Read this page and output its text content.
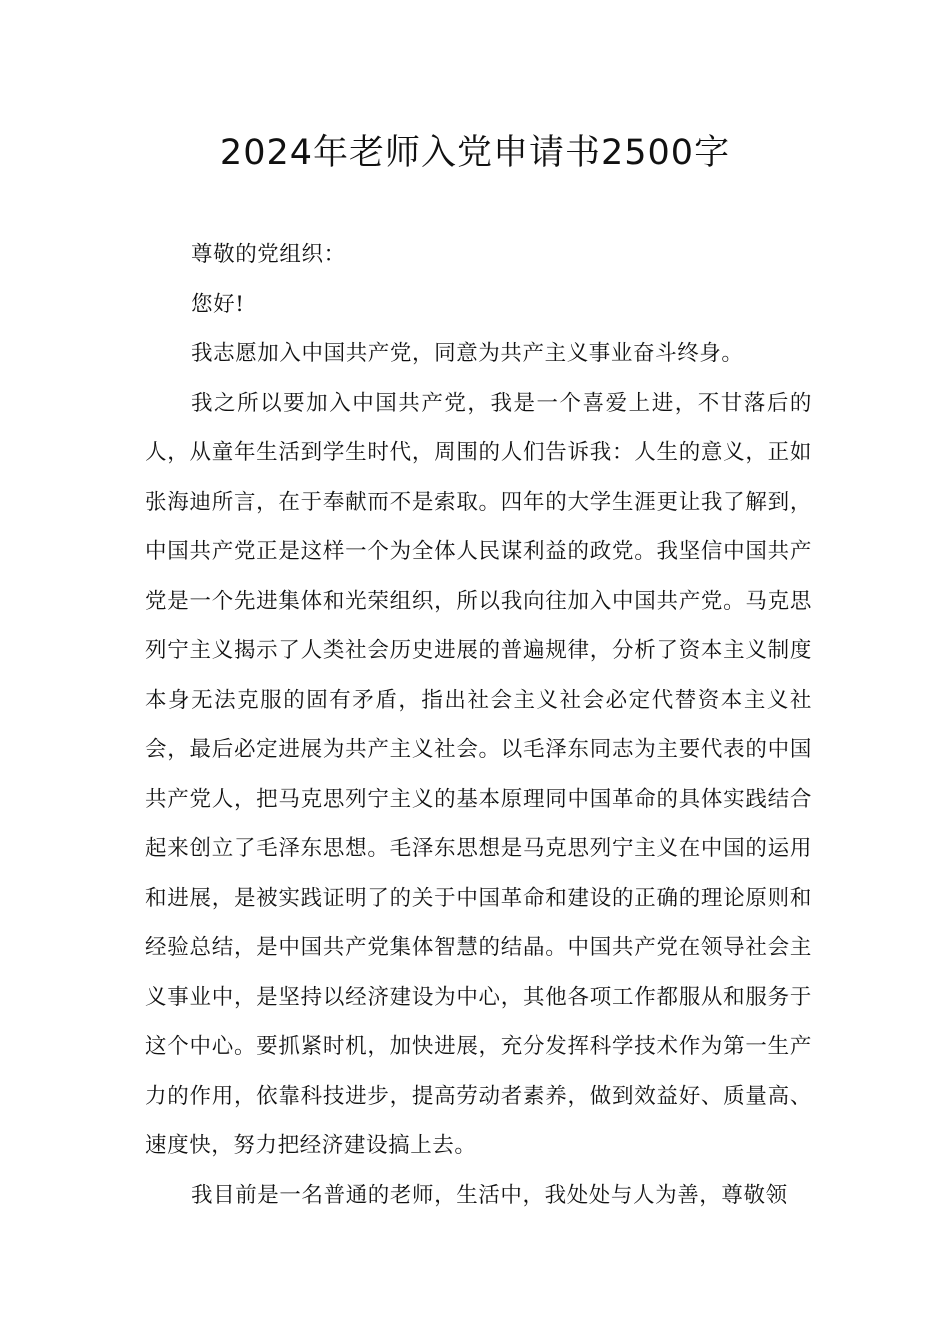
2024年老师入党申请书2500字

尊敬的党组织：

您好!

我志愿加入中国共产党，同意为共产主义事业奋斗终身。

我之所以要加入中国共产党，我是一个喜爱上进，不甘落后的人，从童年生活到学生时代，周围的人们告诉我：人生的意义，正如张海迪所言，在于奉献而不是索取。四年的大学生涯更让我了解到，中国共产党正是这样一个为全体人民谋利益的政党。我坚信中国共产党是一个先进集体和光荣组织，所以我向往加入中国共产党。马克思列宁主义揭示了人类社会历史进展的普遍规律，分析了资本主义制度本身无法克服的固有矛盾，指出社会主义社会必定代替资本主义社会，最后必定进展为共产主义社会。以毛泽东同志为主要代表的中国共产党人，把马克思列宁主义的基本原理同中国革命的具体实践结合起来创立了毛泽东思想。毛泽东思想是马克思列宁主义在中国的运用和进展，是被实践证明了的关于中国革命和建设的正确的理论原则和经验总结，是中国共产党集体智慧的结晶。中国共产党在领导社会主义事业中，是坚持以经济建设为中心，其他各项工作都服从和服务于这个中心。要抓紧时机，加快进展，充分发挥科学技术作为第一生产力的作用，依靠科技进步，提高劳动者素养，做到效益好、质量高、速度快，努力把经济建设搞上去。

我目前是一名普通的老师，生活中，我处处与人为善，尊敬领
